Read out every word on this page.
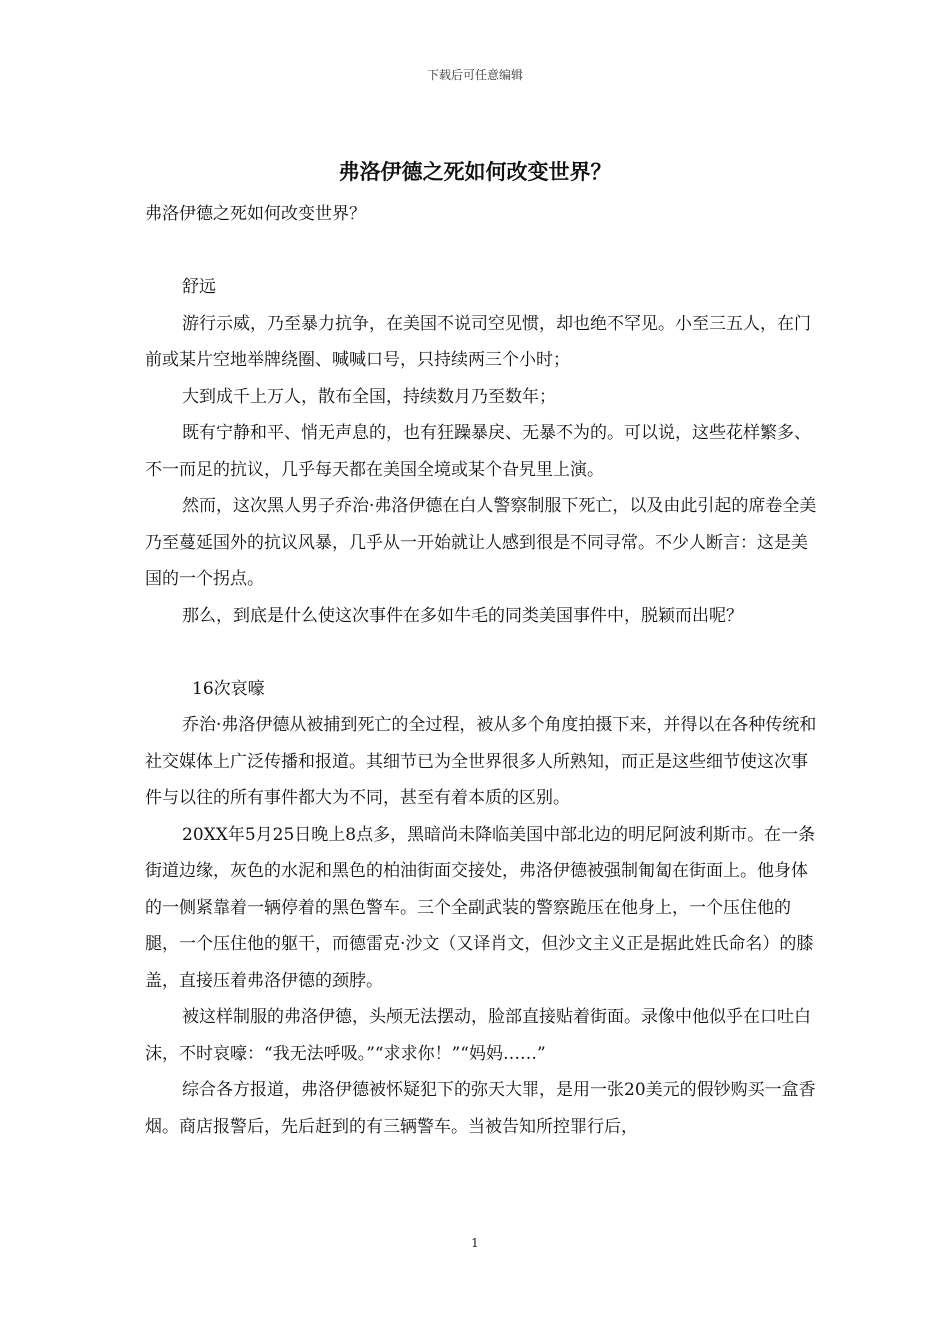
下载后可任意编辑
弗洛伊德之死如何改变世界？

弗洛伊德之死如何改变世界？

舒远

游行示威，乃至暴力抗争，在美国不说司空见惯，却也绝不罕见。小至三五人，在门前或某片空地举牌绕圈、喊喊口号，只持续两三个小时；

大到成千上万人，散布全国，持续数月乃至数年；

既有宁静和平、悄无声息的，也有狂躁暴戾、无暴不为的。可以说，这些花样繁多、不一而足的抗议，几乎每天都在美国全境或某个旮旯里上演。

然而，这次黑人男子乔治·弗洛伊德在白人警察制服下死亡，以及由此引起的席卷全美乃至蔓延国外的抗议风暴，几乎从一开始就让人感到很是不同寻常。不少人断言：这是美国的一个拐点。

那么，到底是什么使这次事件在多如牛毛的同类美国事件中，脱颖而出呢？

16次哀嚎

乔治·弗洛伊德从被捕到死亡的全过程，被从多个角度拍摄下来，并得以在各种传统和社交媒体上广泛传播和报道。其细节已为全世界很多人所熟知，而正是这些细节使这次事件与以往的所有事件都大为不同，甚至有着本质的区别。

20XX年5月25日晚上8点多，黑暗尚未降临美国中部北边的明尼阿波利斯市。在一条街道边缘，灰色的水泥和黑色的柏油街面交接处，弗洛伊德被强制匍匐在街面上。他身体的一侧紧靠着一辆停着的黑色警车。三个全副武装的警察跪压在他身上，一个压住他的腿，一个压住他的躯干，而德雷克·沙文（又译肖文，但沙文主义正是据此姓氏命名）的膝盖，直接压着弗洛伊德的颈脖。

被这样制服的弗洛伊德，头颅无法摆动，脸部直接贴着街面。录像中他似乎在口吐白沫，不时哀嚎：“我无法呼吸。”“求求你！”“妈妈……”

综合各方报道，弗洛伊德被怀疑犯下的弥天大罪，是用一张20美元的假钞购买一盒香烟。商店报警后，先后赶到的有三辆警车。当被告知所控罪行后，

1
